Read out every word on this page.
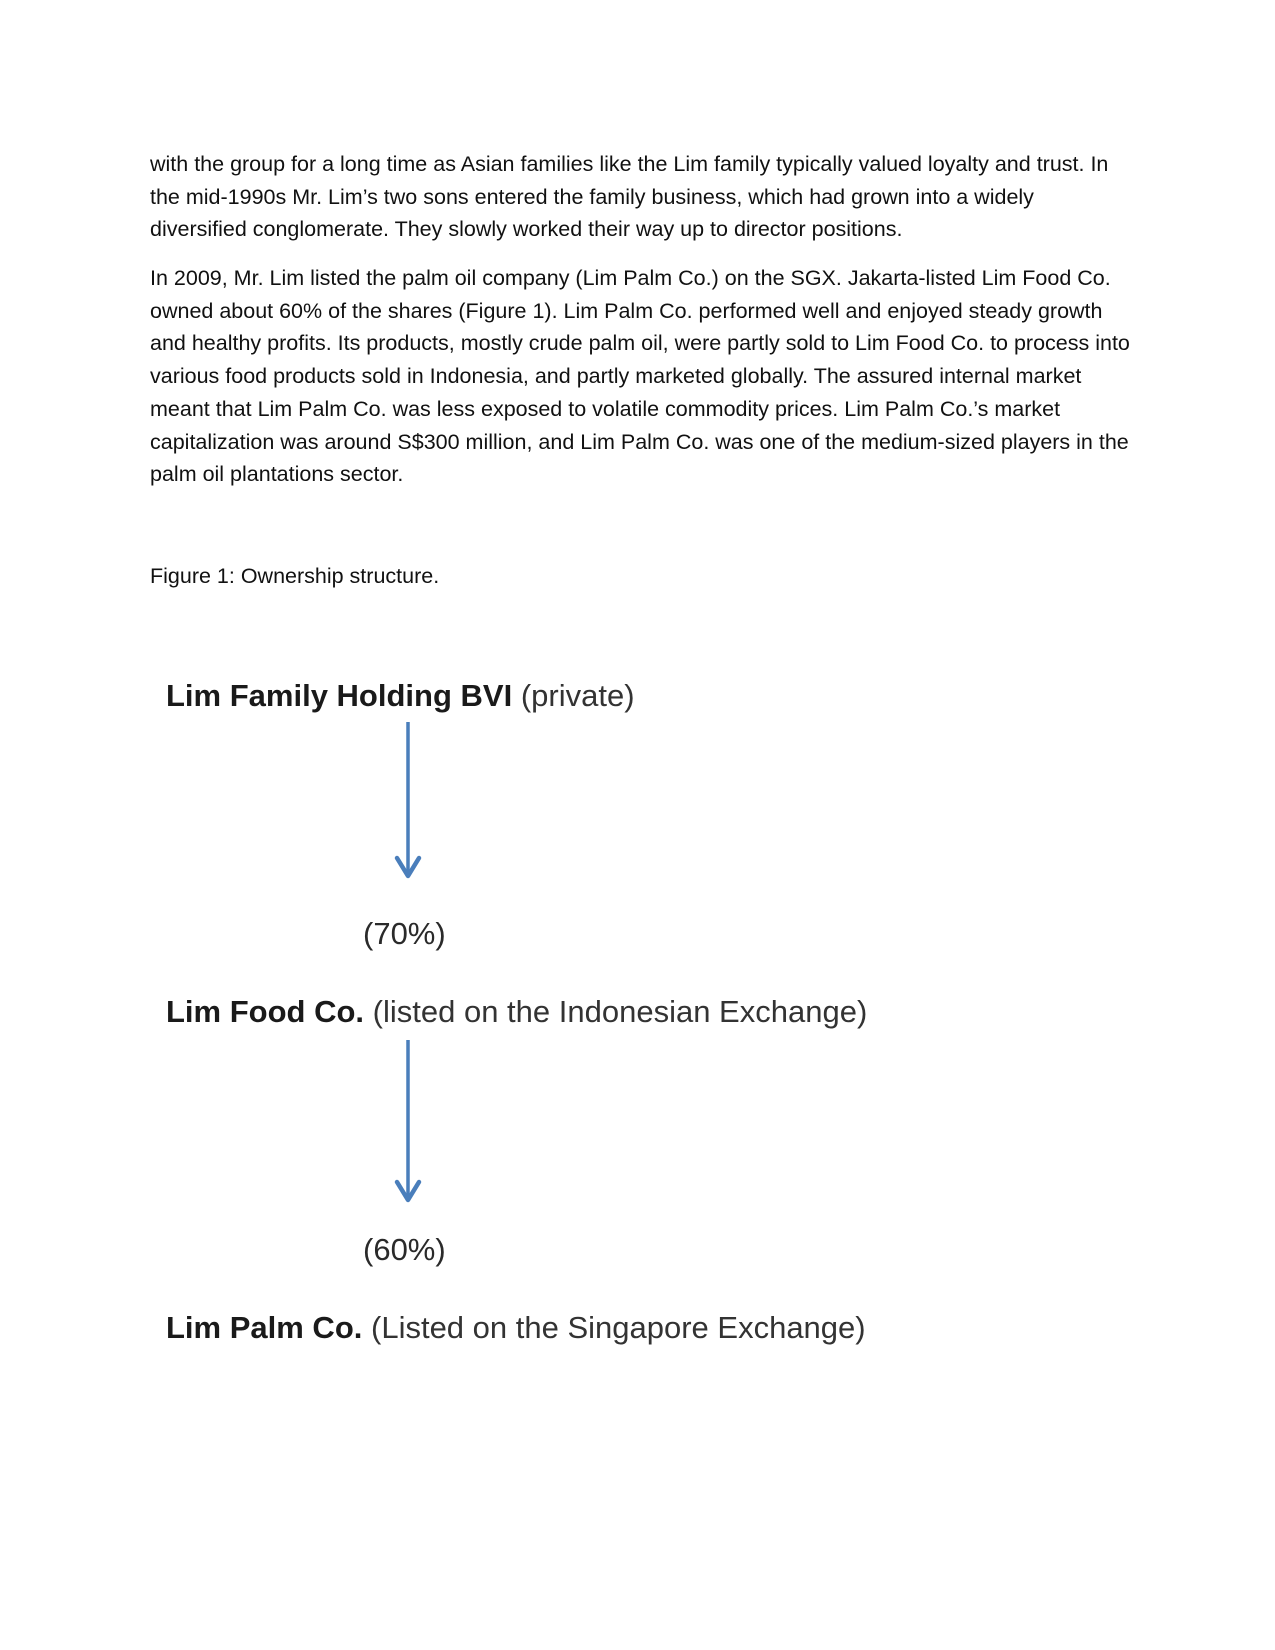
with the group for a long time as Asian families like the Lim family typically valued loyalty and trust. In the mid-1990s Mr. Lim’s two sons entered the family business, which had grown into a widely diversified conglomerate. They slowly worked their way up to director positions.

In 2009, Mr. Lim listed the palm oil company (Lim Palm Co.) on the SGX. Jakarta-listed Lim Food Co. owned about 60% of the shares (Figure 1). Lim Palm Co. performed well and enjoyed steady growth and healthy profits. Its products, mostly crude palm oil, were partly sold to Lim Food Co. to process into various food products sold in Indonesia, and partly marketed globally. The assured internal market meant that Lim Palm Co. was less exposed to volatile commodity prices. Lim Palm Co.’s market capitalization was around S$300 million, and Lim Palm Co. was one of the medium-sized players in the palm oil plantations sector.

Figure 1: Ownership structure.

Lim Family Holding BVI (private)
(70%)
Lim Food Co. (listed on the Indonesian Exchange)
(60%)
Lim Palm Co. (Listed on the Singapore Exchange)
